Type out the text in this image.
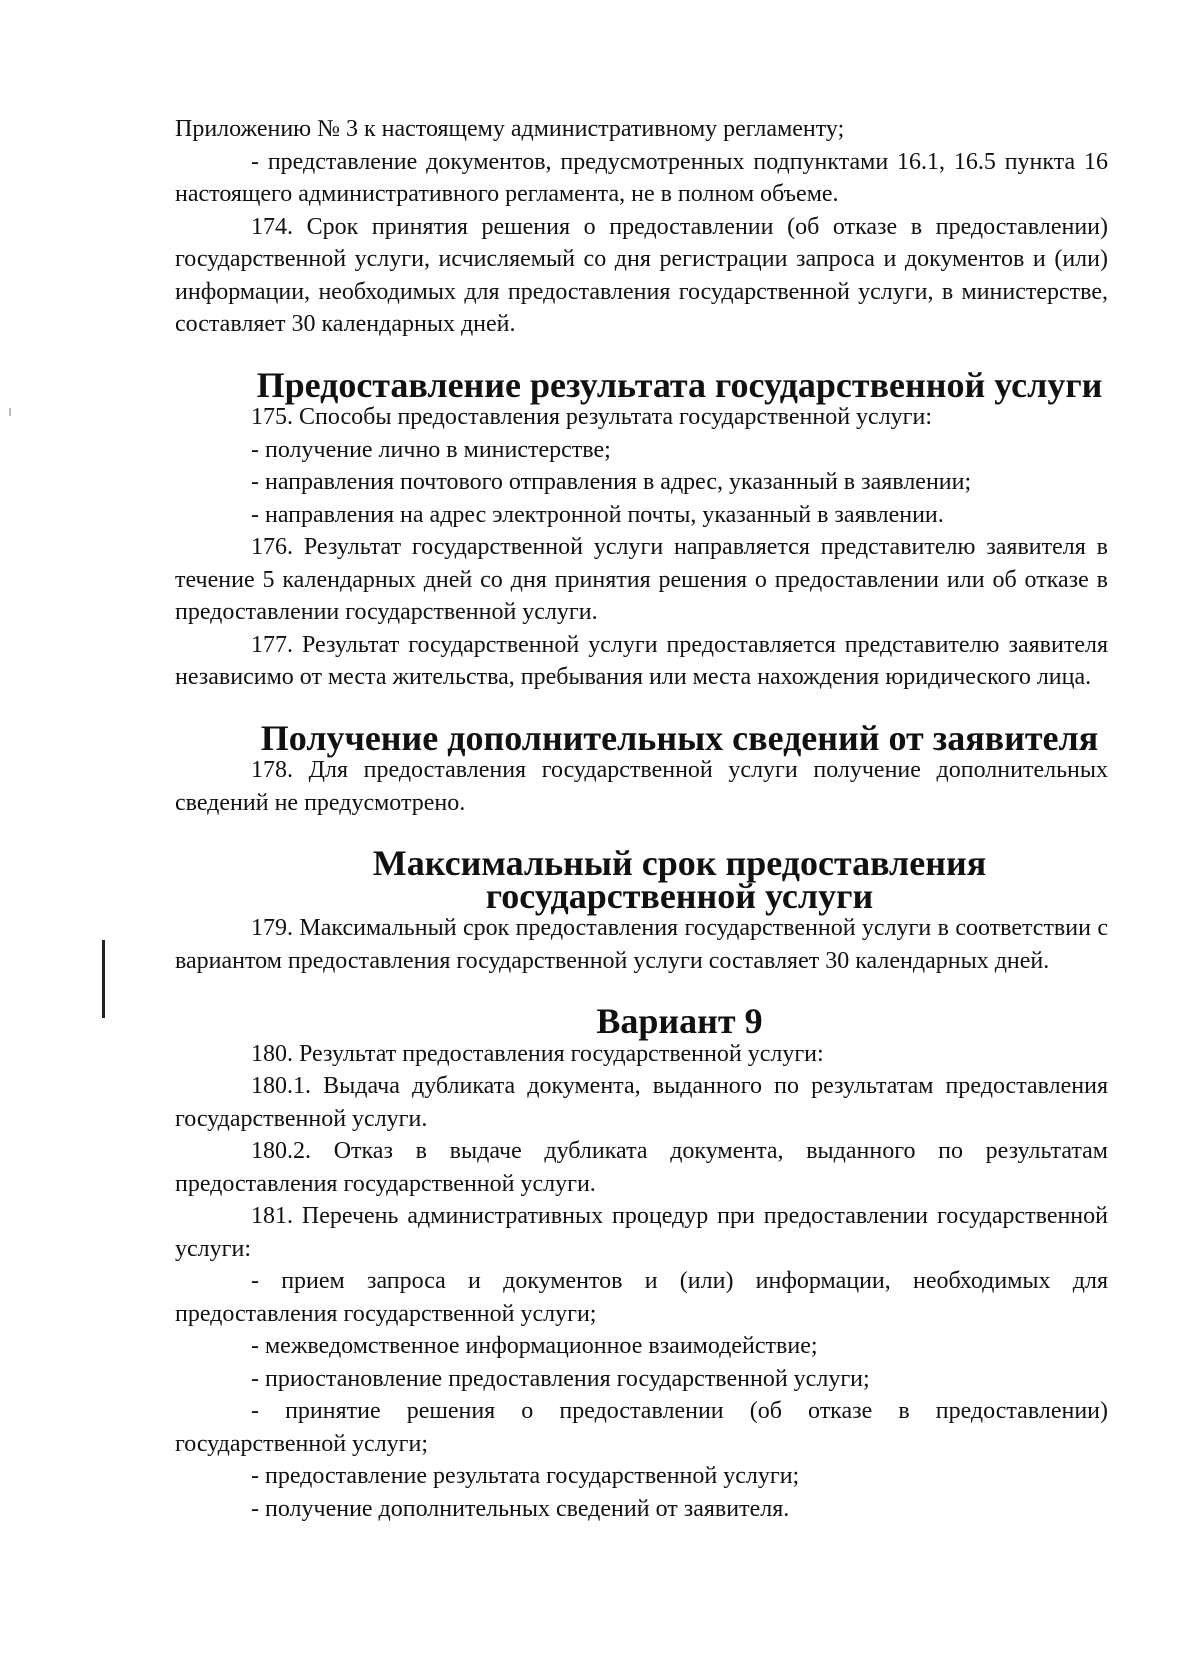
Приложению № 3 к настоящему административному регламенту;

- представление документов, предусмотренных подпунктами 16.1, 16.5 пункта 16 настоящего административного регламента, не в полном объеме.

174. Срок принятия решения о предоставлении (об отказе в предоставлении) государственной услуги, исчисляемый со дня регистрации запроса и документов и (или) информации, необходимых для предоставления государственной услуги, в министерстве, составляет 30 календарных дней.

Предоставление результата государственной услуги

175. Способы предоставления результата государственной услуги:

- получение лично в министерстве;

- направления почтового отправления в адрес, указанный в заявлении;

- направления на адрес электронной почты, указанный в заявлении.

176. Результат государственной услуги направляется представителю заявителя в течение 5 календарных дней со дня принятия решения о предоставлении или об отказе в предоставлении государственной услуги.

177. Результат государственной услуги предоставляется представителю заявителя независимо от места жительства, пребывания или места нахождения юридического лица.

Получение дополнительных сведений от заявителя

178. Для предоставления государственной услуги получение дополнительных сведений не предусмотрено.

Максимальный срок предоставления государственной услуги

179. Максимальный срок предоставления государственной услуги в соответствии с вариантом предоставления государственной услуги составляет 30 календарных дней.

Вариант 9

180. Результат предоставления государственной услуги:

180.1. Выдача дубликата документа, выданного по результатам предоставления государственной услуги.

180.2. Отказ в выдаче дубликата документа, выданного по результатам предоставления государственной услуги.

181. Перечень административных процедур при предоставлении государственной услуги:

- прием запроса и документов и (или) информации, необходимых для предоставления государственной услуги;

- межведомственное информационное взаимодействие;

- приостановление предоставления государственной услуги;

- принятие решения о предоставлении (об отказе в предоставлении) государственной услуги;

- предоставление результата государственной услуги;

- получение дополнительных сведений от заявителя.
